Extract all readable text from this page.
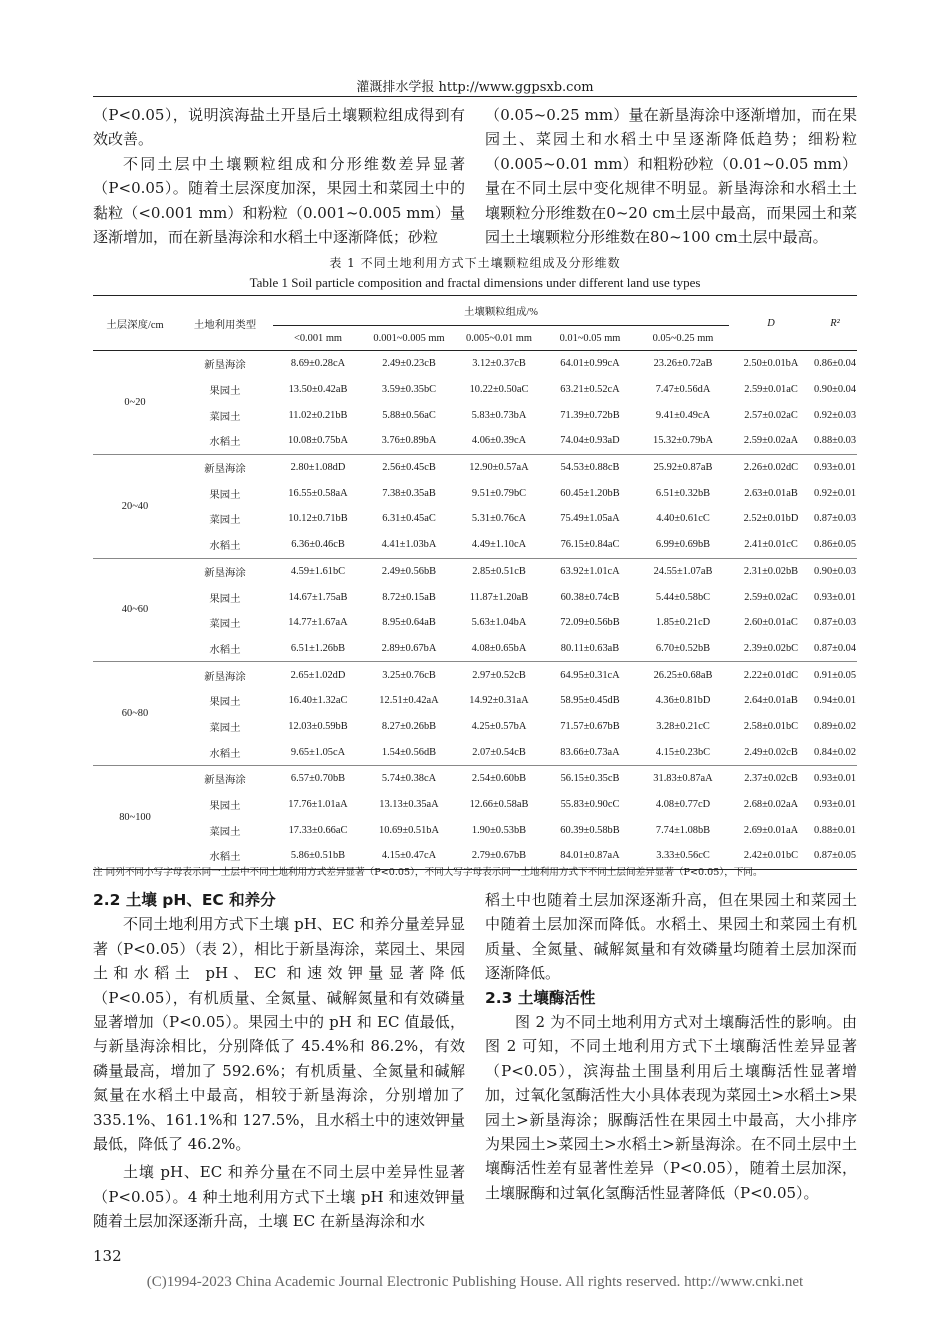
灌溉排水学报 http://www.ggpsxb.com

（P<0.05），说明滨海盐土开垦后土壤颗粒组成得到有效改善。

不同土层中土壤颗粒组成和分形维数差异显著（P<0.05）。随着土层深度加深，果园土和菜园土中的黏粒（<0.001 mm）和粉粒（0.001~0.005 mm）量逐渐增加，而在新垦海涂和水稻土中逐渐降低；砂粒

（0.05~0.25 mm）量在新垦海涂中逐渐增加，而在果园土、菜园土和水稻土中呈逐渐降低趋势；细粉粒（0.005~0.01 mm）和粗粉砂粒（0.01~0.05 mm）量在不同土层中变化规律不明显。新垦海涂和水稻土土壤颗粒分形维数在0~20 cm土层中最高，而果园土和菜园土土壤颗粒分形维数在80~100 cm土层中最高。

表 1 不同土地利用方式下土壤颗粒组成及分形维数
Table 1 Soil particle composition and fractal dimensions under different land use types
土层深度/cm	土地利用类型	土壤颗粒组成/%					D	R²
		<0.001 mm	0.001~0.005 mm	0.005~0.01 mm	0.01~0.05 mm	0.05~0.25 mm		
0~20	新垦海涂	8.69±0.28cA	2.49±0.23cB	3.12±0.37cB	64.01±0.99cA	23.26±0.72aB	2.50±0.01bA	0.86±0.04
	果园土	13.50±0.42aB	3.59±0.35bC	10.22±0.50aC	63.21±0.52cA	7.47±0.56dA	2.59±0.01aC	0.90±0.04
	菜园土	11.02±0.21bB	5.88±0.56aC	5.83±0.73bA	71.39±0.72bB	9.41±0.49cA	2.57±0.02aC	0.92±0.03
	水稻土	10.08±0.75bA	3.76±0.89bA	4.06±0.39cA	74.04±0.93aD	15.32±0.79bA	2.59±0.02aA	0.88±0.03
20~40	新垦海涂	2.80±1.08dD	2.56±0.45cB	12.90±0.57aA	54.53±0.88cB	25.92±0.87aB	2.26±0.02dC	0.93±0.01
	果园土	16.55±0.58aA	7.38±0.35aB	9.51±0.79bC	60.45±1.20bB	6.51±0.32bB	2.63±0.01aB	0.92±0.01
	菜园土	10.12±0.71bB	6.31±0.45aC	5.31±0.76cA	75.49±1.05aA	4.40±0.61cC	2.52±0.01bD	0.87±0.03
	水稻土	6.36±0.46cB	4.41±1.03bA	4.49±1.10cA	76.15±0.84aC	6.99±0.69bB	2.41±0.01cC	0.86±0.05
40~60	新垦海涂	4.59±1.61bC	2.49±0.56bB	2.85±0.51cB	63.92±1.01cA	24.55±1.07aB	2.31±0.02bB	0.90±0.03
	果园土	14.67±1.75aB	8.72±0.15aB	11.87±1.20aB	60.38±0.74cB	5.44±0.58bC	2.59±0.02aC	0.93±0.01
	菜园土	14.77±1.67aA	8.95±0.64aB	5.63±1.04bA	72.09±0.56bB	1.85±0.21cD	2.60±0.01aC	0.87±0.03
	水稻土	6.51±1.26bB	2.89±0.67bA	4.08±0.65bA	80.11±0.63aB	6.70±0.52bB	2.39±0.02bC	0.87±0.04
60~80	新垦海涂	2.65±1.02dD	3.25±0.76cB	2.97±0.52cB	64.95±0.31cA	26.25±0.68aB	2.22±0.01dC	0.91±0.05
	果园土	16.40±1.32aC	12.51±0.42aA	14.92±0.31aA	58.95±0.45dB	4.36±0.81bD	2.64±0.01aB	0.94±0.01
	菜园土	12.03±0.59bB	8.27±0.26bB	4.25±0.57bA	71.57±0.67bB	3.28±0.21cC	2.58±0.01bC	0.89±0.02
	水稻土	9.65±1.05cA	1.54±0.56dB	2.07±0.54cB	83.66±0.73aA	4.15±0.23bC	2.49±0.02cB	0.84±0.02
80~100	新垦海涂	6.57±0.70bB	5.74±0.38cA	2.54±0.60bB	56.15±0.35cB	31.83±0.87aA	2.37±0.02cB	0.93±0.01
	果园土	17.76±1.01aA	13.13±0.35aA	12.66±0.58aB	55.83±0.90cC	4.08±0.77cD	2.68±0.02aA	0.93±0.01
	菜园土	17.33±0.66aC	10.69±0.51bA	1.90±0.53bB	60.39±0.58bB	7.74±1.08bB	2.69±0.01aA	0.88±0.01
	水稻土	5.86±0.51bB	4.15±0.47cA	2.79±0.67bB	84.01±0.87aA	3.33±0.56cC	2.42±0.01bC	0.87±0.05
注 同列不同小写字母表示同一土层中不同土地利用方式差异显著（P<0.05），不同大写字母表示同一土地利用方式下不同土层间差异显著（P<0.05），下同。
2.2 土壤 pH、EC 和养分

不同土地利用方式下土壤 pH、EC 和养分量差异显著（P<0.05）（表 2），相比于新垦海涂，菜园土、果园土和水稻土 pH、EC 和速效钾量显著降低（P<0.05），有机质量、全氮量、碱解氮量和有效磷量显著增加（P<0.05）。果园土中的 pH 和 EC 值最低，与新垦海涂相比，分别降低了 45.4%和 86.2%，有效磷量最高，增加了 592.6%；有机质量、全氮量和碱解氮量在水稻土中最高，相较于新垦海涂，分别增加了 335.1%、161.1%和 127.5%，且水稻土中的速效钾量最低，降低了 46.2%。

土壤 pH、EC 和养分量在不同土层中差异性显著（P<0.05）。4 种土地利用方式下土壤 pH 和速效钾量随着土层加深逐渐升高，土壤 EC 在新垦海涂和水

稻土中也随着土层加深逐渐升高，但在果园土和菜园土中随着土层加深而降低。水稻土、果园土和菜园土有机质量、全氮量、碱解氮量和有效磷量均随着土层加深而逐渐降低。

2.3 土壤酶活性

图 2 为不同土地利用方式对土壤酶活性的影响。由图 2 可知，不同土地利用方式下土壤酶活性差异显著（P<0.05），滨海盐土围垦利用后土壤酶活性显著增加，过氧化氢酶活性大小具体表现为菜园土>水稻土>果园土>新垦海涂；脲酶活性在果园土中最高，大小排序为果园土>菜园土>水稻土>新垦海涂。在不同土层中土壤酶活性差有显著性差异（P<0.05），随着土层加深，土壤脲酶和过氧化氢酶活性显著降低（P<0.05）。

132
(C)1994-2023 China Academic Journal Electronic Publishing House. All rights reserved. http://www.cnki.net
